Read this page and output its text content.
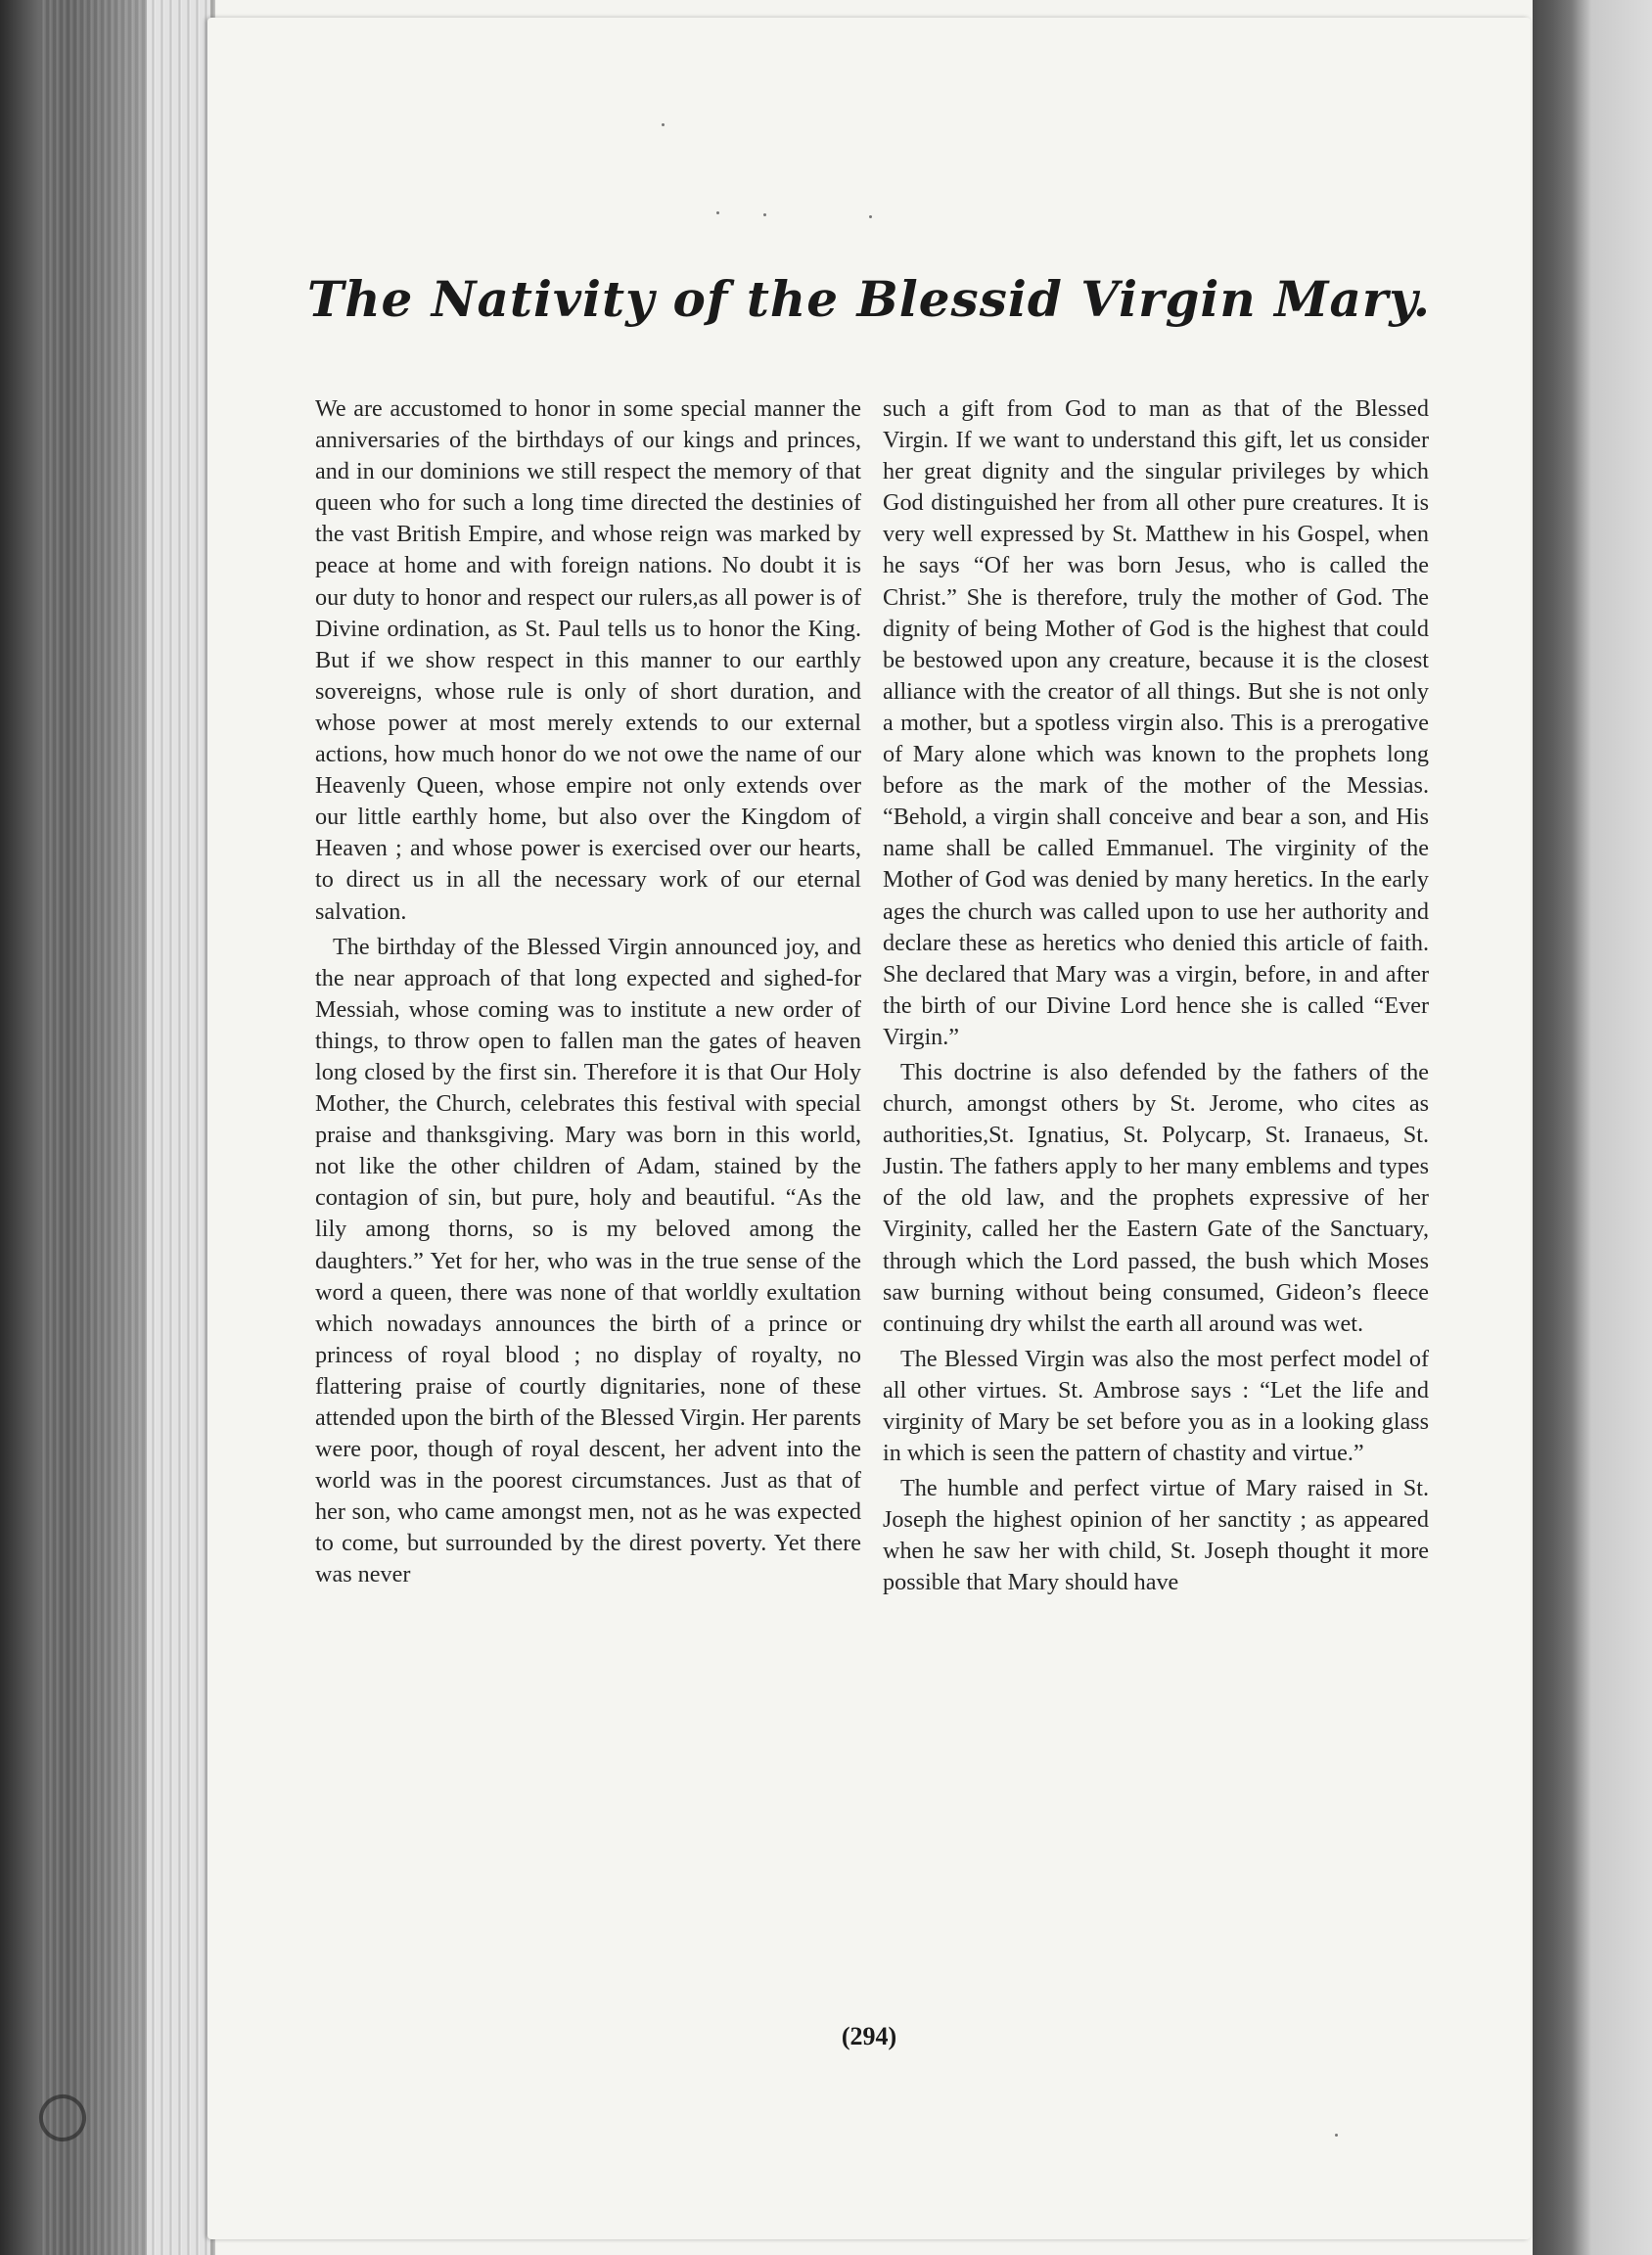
The Nativity of the Blessid Virgin Mary.

We are accustomed to honor in some special manner the anniversaries of the birthdays of our kings and princes, and in our dominions we still respect the memory of that queen who for such a long time directed the destinies of the vast British Empire, and whose reign was marked by peace at home and with foreign nations. No doubt it is our duty to honor and respect our rulers,as all power is of Divine ordination, as St. Paul tells us to honor the King. But if we show respect in this manner to our earthly sovereigns, whose rule is only of short duration, and whose power at most merely extends to our external actions, how much honor do we not owe the name of our Heavenly Queen, whose empire not only extends over our little earthly home, but also over the Kingdom of Heaven ; and whose power is exercised over our hearts, to direct us in all the necessary work of our eternal salvation.

The birthday of the Blessed Virgin announced joy, and the near approach of that long expected and sighed-for Messiah, whose coming was to institute a new order of things, to throw open to fallen man the gates of heaven long closed by the first sin. Therefore it is that Our Holy Mother, the Church, celebrates this festival with special praise and thanksgiving. Mary was born in this world, not like the other children of Adam, stained by the contagion of sin, but pure, holy and beautiful. “As the lily among thorns, so is my beloved among the daughters.” Yet for her, who was in the true sense of the word a queen, there was none of that worldly exultation which nowadays announces the birth of a prince or princess of royal blood ; no display of royalty, no flattering praise of courtly dignitaries, none of these attended upon the birth of the Blessed Virgin. Her parents were poor, though of royal descent, her advent into the world was in the poorest circumstances. Just as that of her son, who came amongst men, not as he was expected to come, but surrounded by the direst poverty. Yet there was never

such a gift from God to man as that of the Blessed Virgin. If we want to understand this gift, let us consider her great dignity and the singular privileges by which God distinguished her from all other pure creatures. It is very well expressed by St. Matthew in his Gospel, when he says “Of her was born Jesus, who is called the Christ.” She is therefore, truly the mother of God. The dignity of being Mother of God is the highest that could be bestowed upon any creature, because it is the closest alliance with the creator of all things. But she is not only a mother, but a spotless virgin also. This is a prerogative of Mary alone which was known to the prophets long before as the mark of the mother of the Messias. “Behold, a virgin shall conceive and bear a son, and His name shall be called Emmanuel. The virginity of the Mother of God was denied by many heretics. In the early ages the church was called upon to use her authority and declare these as heretics who denied this article of faith. She declared that Mary was a virgin, before, in and after the birth of our Divine Lord hence she is called “Ever Virgin.”

This doctrine is also defended by the fathers of the church, amongst others by St. Jerome, who cites as authorities,St. Ignatius, St. Polycarp, St. Iranaeus, St. Justin. The fathers apply to her many emblems and types of the old law, and the prophets expressive of her Virginity, called her the Eastern Gate of the Sanctuary, through which the Lord passed, the bush which Moses saw burning without being consumed, Gideon’s fleece continuing dry whilst the earth all around was wet.

The Blessed Virgin was also the most perfect model of all other virtues. St. Ambrose says : “Let the life and virginity of Mary be set before you as in a looking glass in which is seen the pattern of chastity and virtue.”

The humble and perfect virtue of Mary raised in St. Joseph the highest opinion of her sanctity ; as appeared when he saw her with child, St. Joseph thought it more possible that Mary should have

(294)
